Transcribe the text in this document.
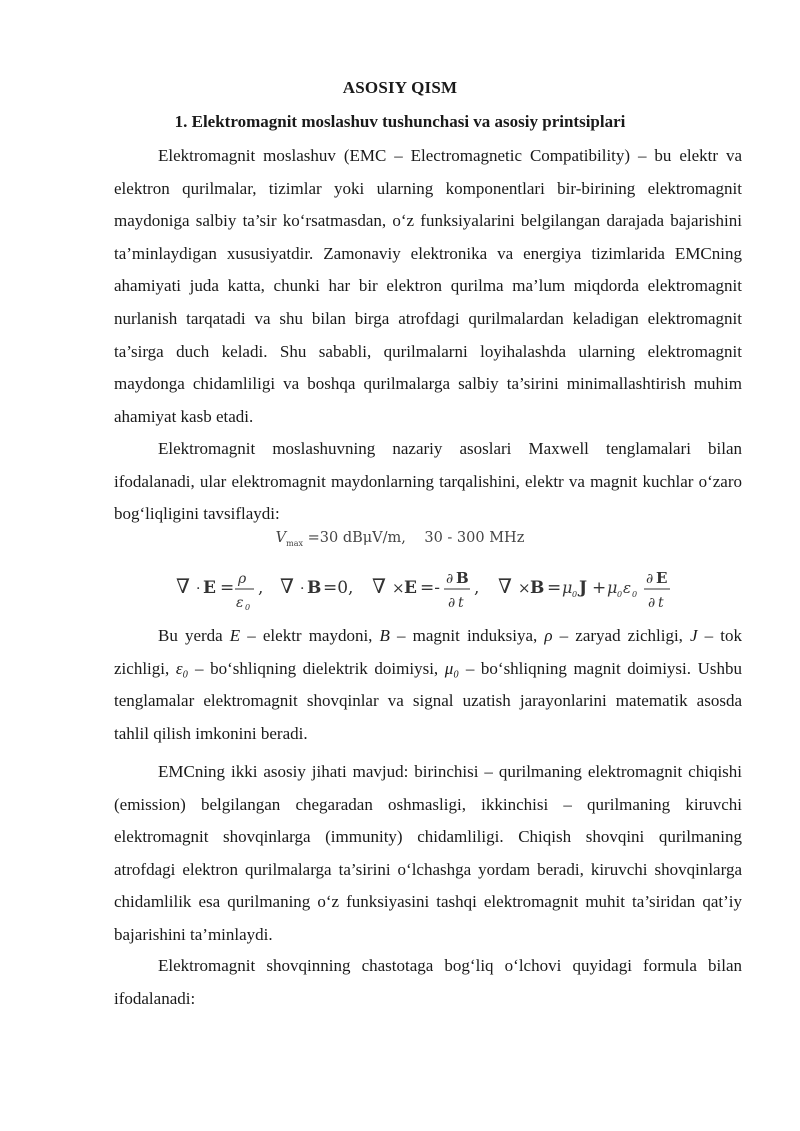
ASOSIY QISM
1. Elektromagnit moslashuv tushunchasi va asosiy printsiplari

Elektromagnit moslashuv (EMC – Electromagnetic Compatibility) – bu elektr va elektron qurilmalar, tizimlar yoki ularning komponentlari bir-birining elektromagnit maydoniga salbiy ta’sir ko‘rsatmasdan, o‘z funksiyalarini belgilangan darajada bajarishini ta’minlaydigan xususiyatdir. Zamonaviy elektronika va energiya tizimlarida EMCning ahamiyati juda katta, chunki har bir elektron qurilma ma’lum miqdorda elektromagnit nurlanish tarqatadi va shu bilan birga atrofdagi qurilmalardan keladigan elektromagnit ta’sirga duch keladi. Shu sababli, qurilmalarni loyihalashda ularning elektromagnit maydonga chidamliligi va boshqa qurilmalarga salbiy ta’sirini minimallashtirish muhim ahamiyat kasb etadi.

Elektromagnit moslashuvning nazariy asoslari Maxwell tenglamalari bilan ifodalanadi, ular elektromagnit maydonlarning tarqalishini, elektr va magnit kuchlar o‘zaro bog‘liqligini tavsiflaydi:

$V_{max} =30$ dBμV/m, 30 - 300 MHz
∇ · E = ρ
ε 0
, ∇ · B =0, ∇ × E =- ∂ B
∂ t
, ∇ × B = μ 0 J + μ 0 ε 0
∂ E
∂ t

Bu yerda E – elektr maydoni, B – magnit induksiya, ρ – zaryad zichligi, J – tok zichligi, ε₀ – bo‘shliqning dielektrik doimiysi, μ₀ – bo‘shliqning magnit doimiysi. Ushbu tenglamalar elektromagnit shovqinlar va signal uzatish jarayonlarini matematik asosda tahlil qilish imkonini beradi.

EMCning ikki asosiy jihati mavjud: birinchisi – qurilmaning elektromagnit chiqishi (emission) belgilangan chegaradan oshmasligi, ikkinchisi – qurilmaning kiruvchi elektromagnit shovqinlarga (immunity) chidamliligi. Chiqish shovqini qurilmaning atrofdagi elektron qurilmalarga ta’sirini o‘lchashga yordam beradi, kiruvchi shovqinlarga chidamlilik esa qurilmaning o‘z funksiyasini tashqi elektromagnit muhit ta’siridan qat’iy bajarishini ta’minlaydi.

Elektromagnit shovqinning chastotaga bog‘liq o‘lchovi quyidagi formula bilan ifodalanadi:
